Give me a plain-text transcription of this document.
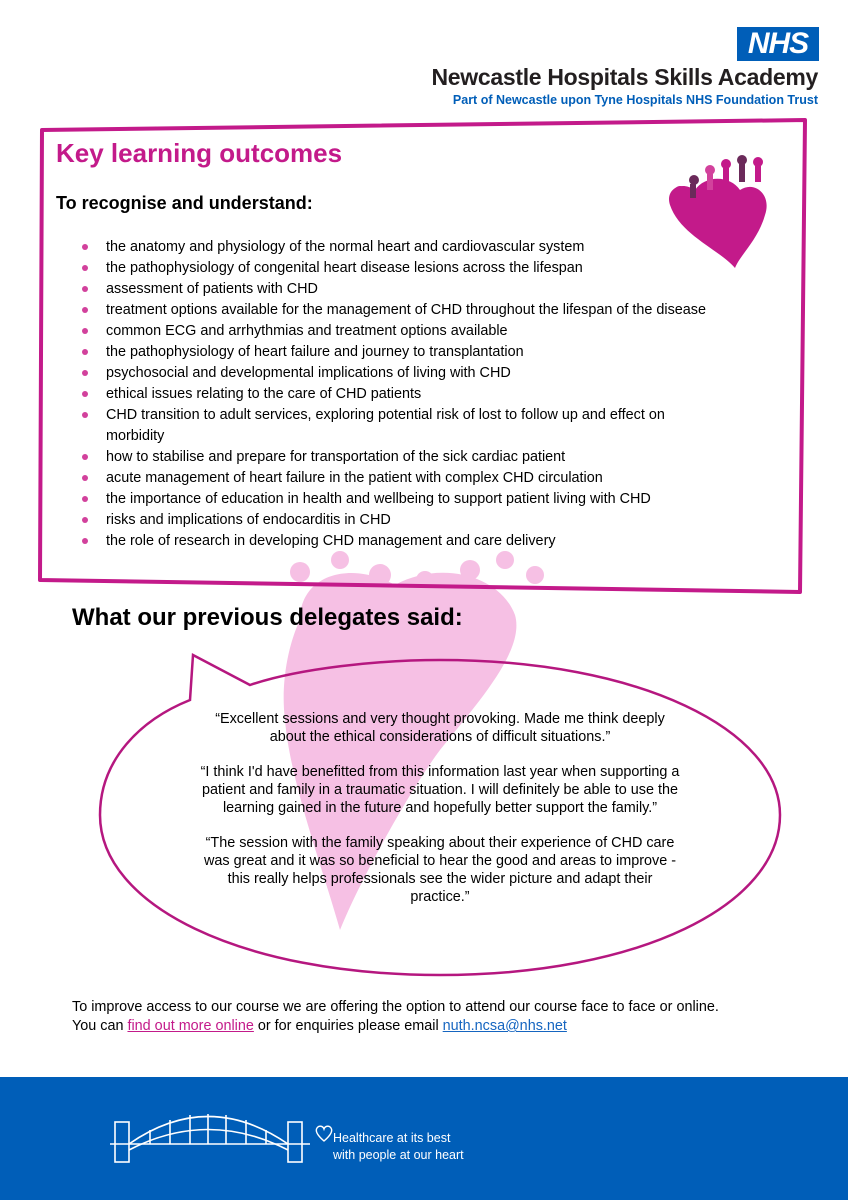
NHS
Newcastle Hospitals Skills Academy
Part of Newcastle upon Tyne Hospitals NHS Foundation Trust
Key learning outcomes
To recognise and understand:
the anatomy and physiology of the normal heart and cardiovascular system
the pathophysiology of congenital heart disease lesions across the lifespan
assessment of patients with CHD
treatment options available for the management of CHD throughout the lifespan of the disease
common ECG and arrhythmias and treatment options available
the pathophysiology of heart failure and journey to transplantation
psychosocial and developmental implications of living with CHD
ethical issues relating to the care of CHD patients
CHD transition to adult services, exploring potential risk of lost to follow up and effect on morbidity
how to stabilise and prepare for transportation of the sick cardiac patient
acute management of heart failure in the patient with complex CHD circulation
the importance of education in health and wellbeing to support patient living with CHD
risks and implications of endocarditis in CHD
the role of research in developing CHD management and care delivery
What our previous delegates said:

“Excellent sessions and very thought provoking. Made me think deeply about the ethical considerations of difficult situations.”

“I think I'd have benefitted from this information last year when supporting a patient and family in a traumatic situation. I will definitely be able to use the learning gained in the future and hopefully better support the family.”

“The session with the family speaking about their experience of CHD care was great and it was so beneficial to hear the good and areas to improve - this really helps professionals see the wider picture and adapt their practice.”

To improve access to our course we are offering the option to attend our course face to face or online.

You can find out more online or for enquiries please email nuth.ncsa@nhs.net

Healthcare at its best
with people at our heart
